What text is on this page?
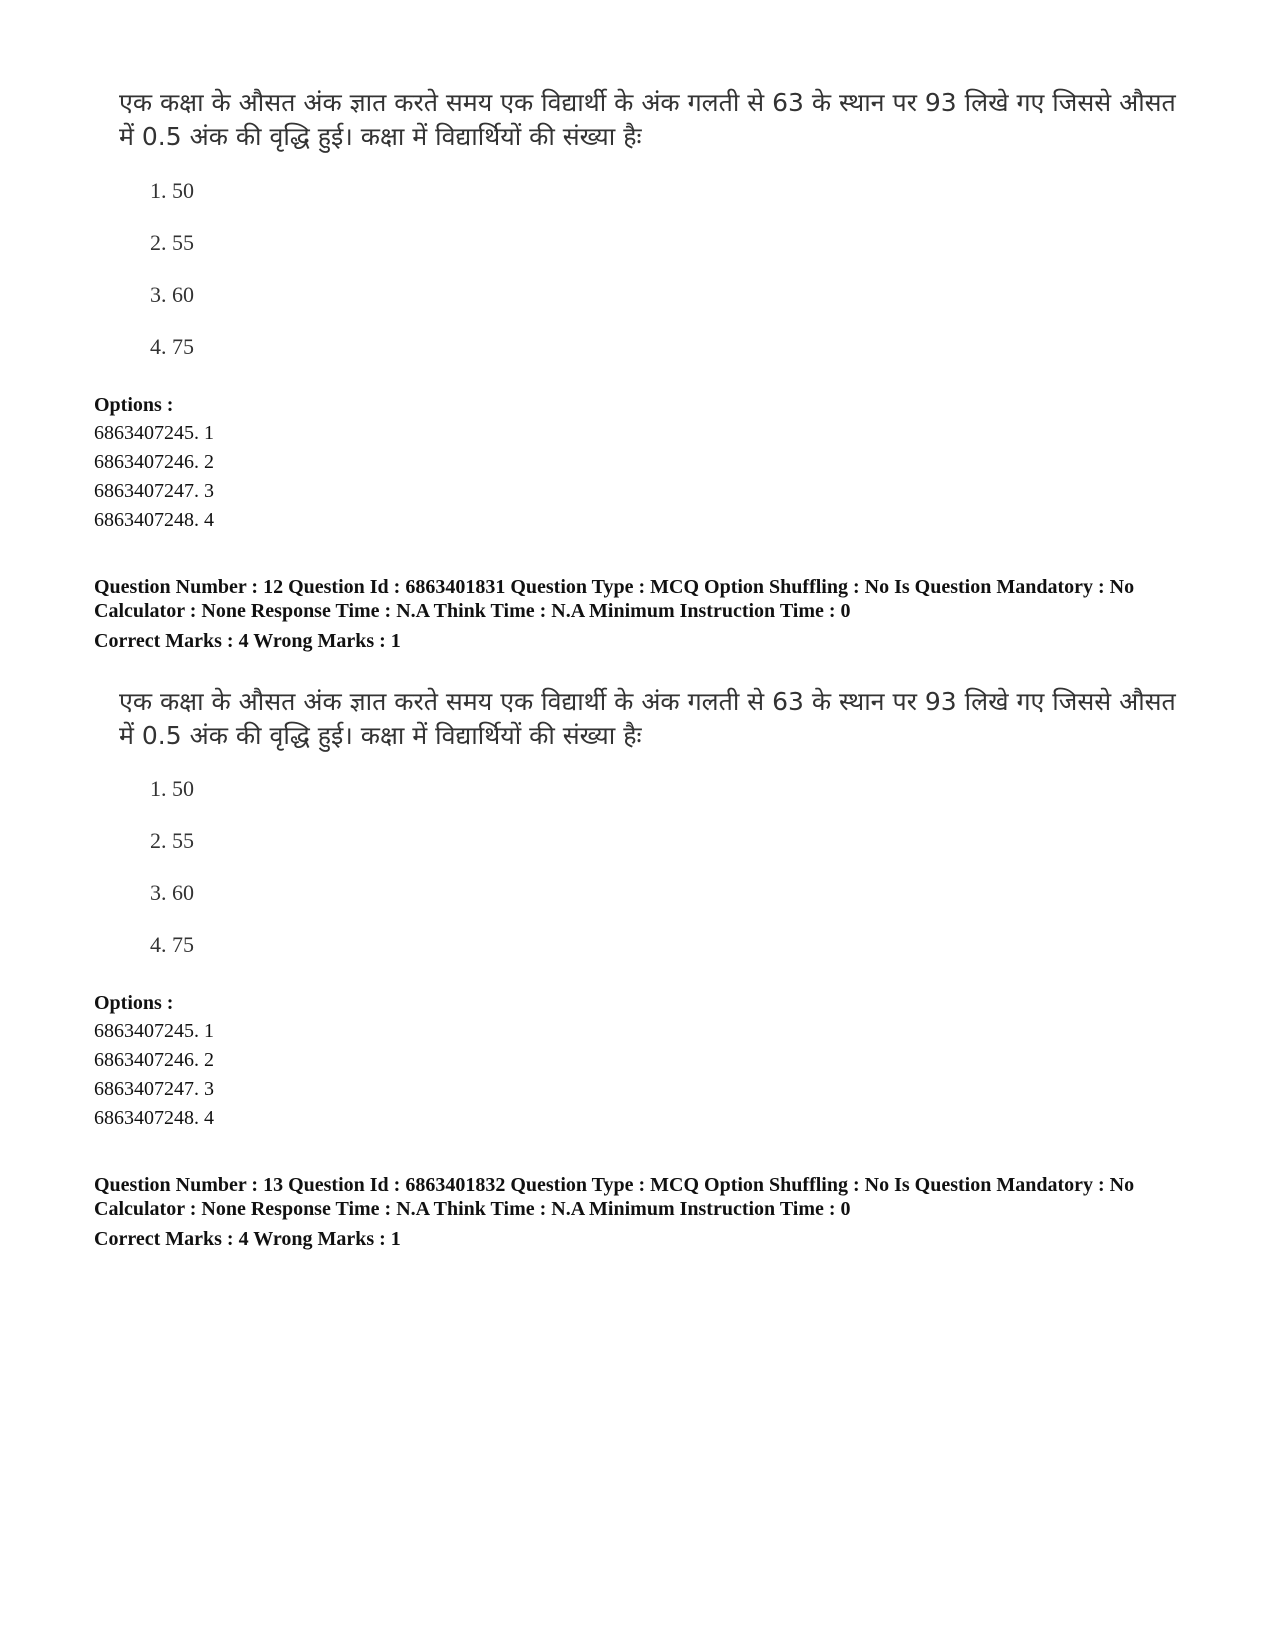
एक कक्षा के औसत अंक ज्ञात करते समय एक विद्यार्थी के अंक गलती से 63 के स्थान पर 93 लिखे गए जिससे औसत में 0.5 अंक की वृद्धि हुई। कक्षा में विद्यार्थियों की संख्या हैः
1. 50
2. 55
3. 60
4. 75
Options :
6863407245. 1
6863407246. 2
6863407247. 3
6863407248. 4
Question Number : 12 Question Id : 6863401831 Question Type : MCQ Option Shuffling : No Is Question Mandatory : No Calculator : None Response Time : N.A Think Time : N.A Minimum Instruction Time : 0
Correct Marks : 4 Wrong Marks : 1
एक कक्षा के औसत अंक ज्ञात करते समय एक विद्यार्थी के अंक गलती से 63 के स्थान पर 93 लिखे गए जिससे औसत में 0.5 अंक की वृद्धि हुई। कक्षा में विद्यार्थियों की संख्या हैः
1. 50
2. 55
3. 60
4. 75
Options :
6863407245. 1
6863407246. 2
6863407247. 3
6863407248. 4
Question Number : 13 Question Id : 6863401832 Question Type : MCQ Option Shuffling : No Is Question Mandatory : No Calculator : None Response Time : N.A Think Time : N.A Minimum Instruction Time : 0
Correct Marks : 4 Wrong Marks : 1
